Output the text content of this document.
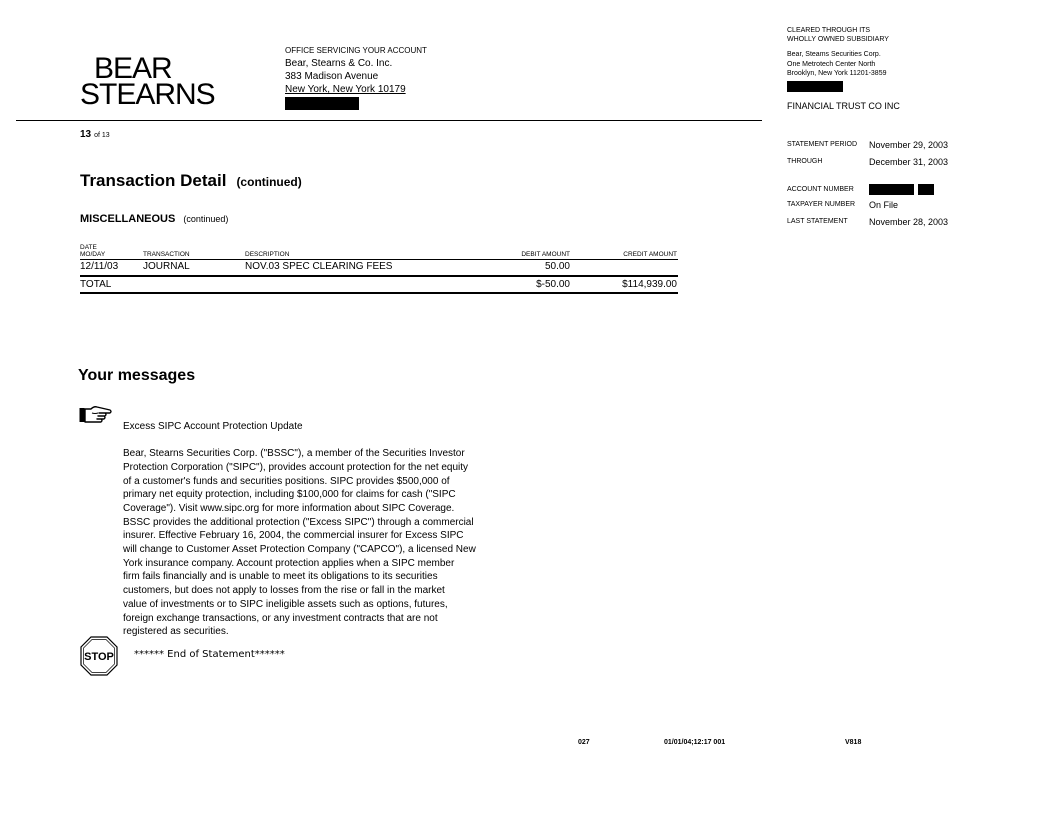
BEAR
STEARNS
OFFICE SERVICING YOUR ACCOUNT
Bear, Stearns & Co. Inc.
383 Madison Avenue
New York, New York 10179
CLEARED THROUGH ITS
WHOLLY OWNED SUBSIDIARY
Bear, Steams Securities Corp.
One Metrotech Center North
Brooklyn, New York 11201-3859
FINANCIAL TRUST CO INC
13 of 13
STATEMENT PERIOD	November 29, 2003
THROUGH	December 31, 2003
ACCOUNT NUMBER
TAXPAYER NUMBER	On File
LAST STATEMENT	November 28, 2003
Transaction Detail (continued)
MISCELLANEOUS (continued)
DATE
MO/DAY	TRANSACTION	DESCRIPTION	DEBIT AMOUNT	CREDIT AMOUNT
12/11/03 JOURNAL	NOV.03 SPEC CLEARING FEES	50.00
TOTAL	$-50.00	$114,939.00
Your messages

Excess SIPC Account Protection Update

Bear, Stearns Securities Corp. ("BSSC"), a member of the Securities Investor
Protection Corporation ("SIPC"), provides account protection for the net equity
of a customer's funds and securities positions. SIPC provides $500,000 of
primary net equity protection, including $100,000 for claims for cash ("SIPC
Coverage"). Visit www.sipc.org for more information about SIPC Coverage.
BSSC provides the additional protection ("Excess SIPC") through a commercial
insurer. Effective February 16, 2004, the commercial insurer for Excess SIPC
will change to Customer Asset Protection Company ("CAPCO"), a licensed New
York insurance company. Account protection applies when a SIPC member
firm fails financially and is unable to meet its obligations to its securities
customers, but does not apply to losses from the rise or fall in the market
value of investments or to SIPC ineligible assets such as options, futures,
foreign exchange transactions, or any investment contracts that are not
registered as securities.

STOP ****** End of Statement******
027	01/01/04;12:17 001	V818
